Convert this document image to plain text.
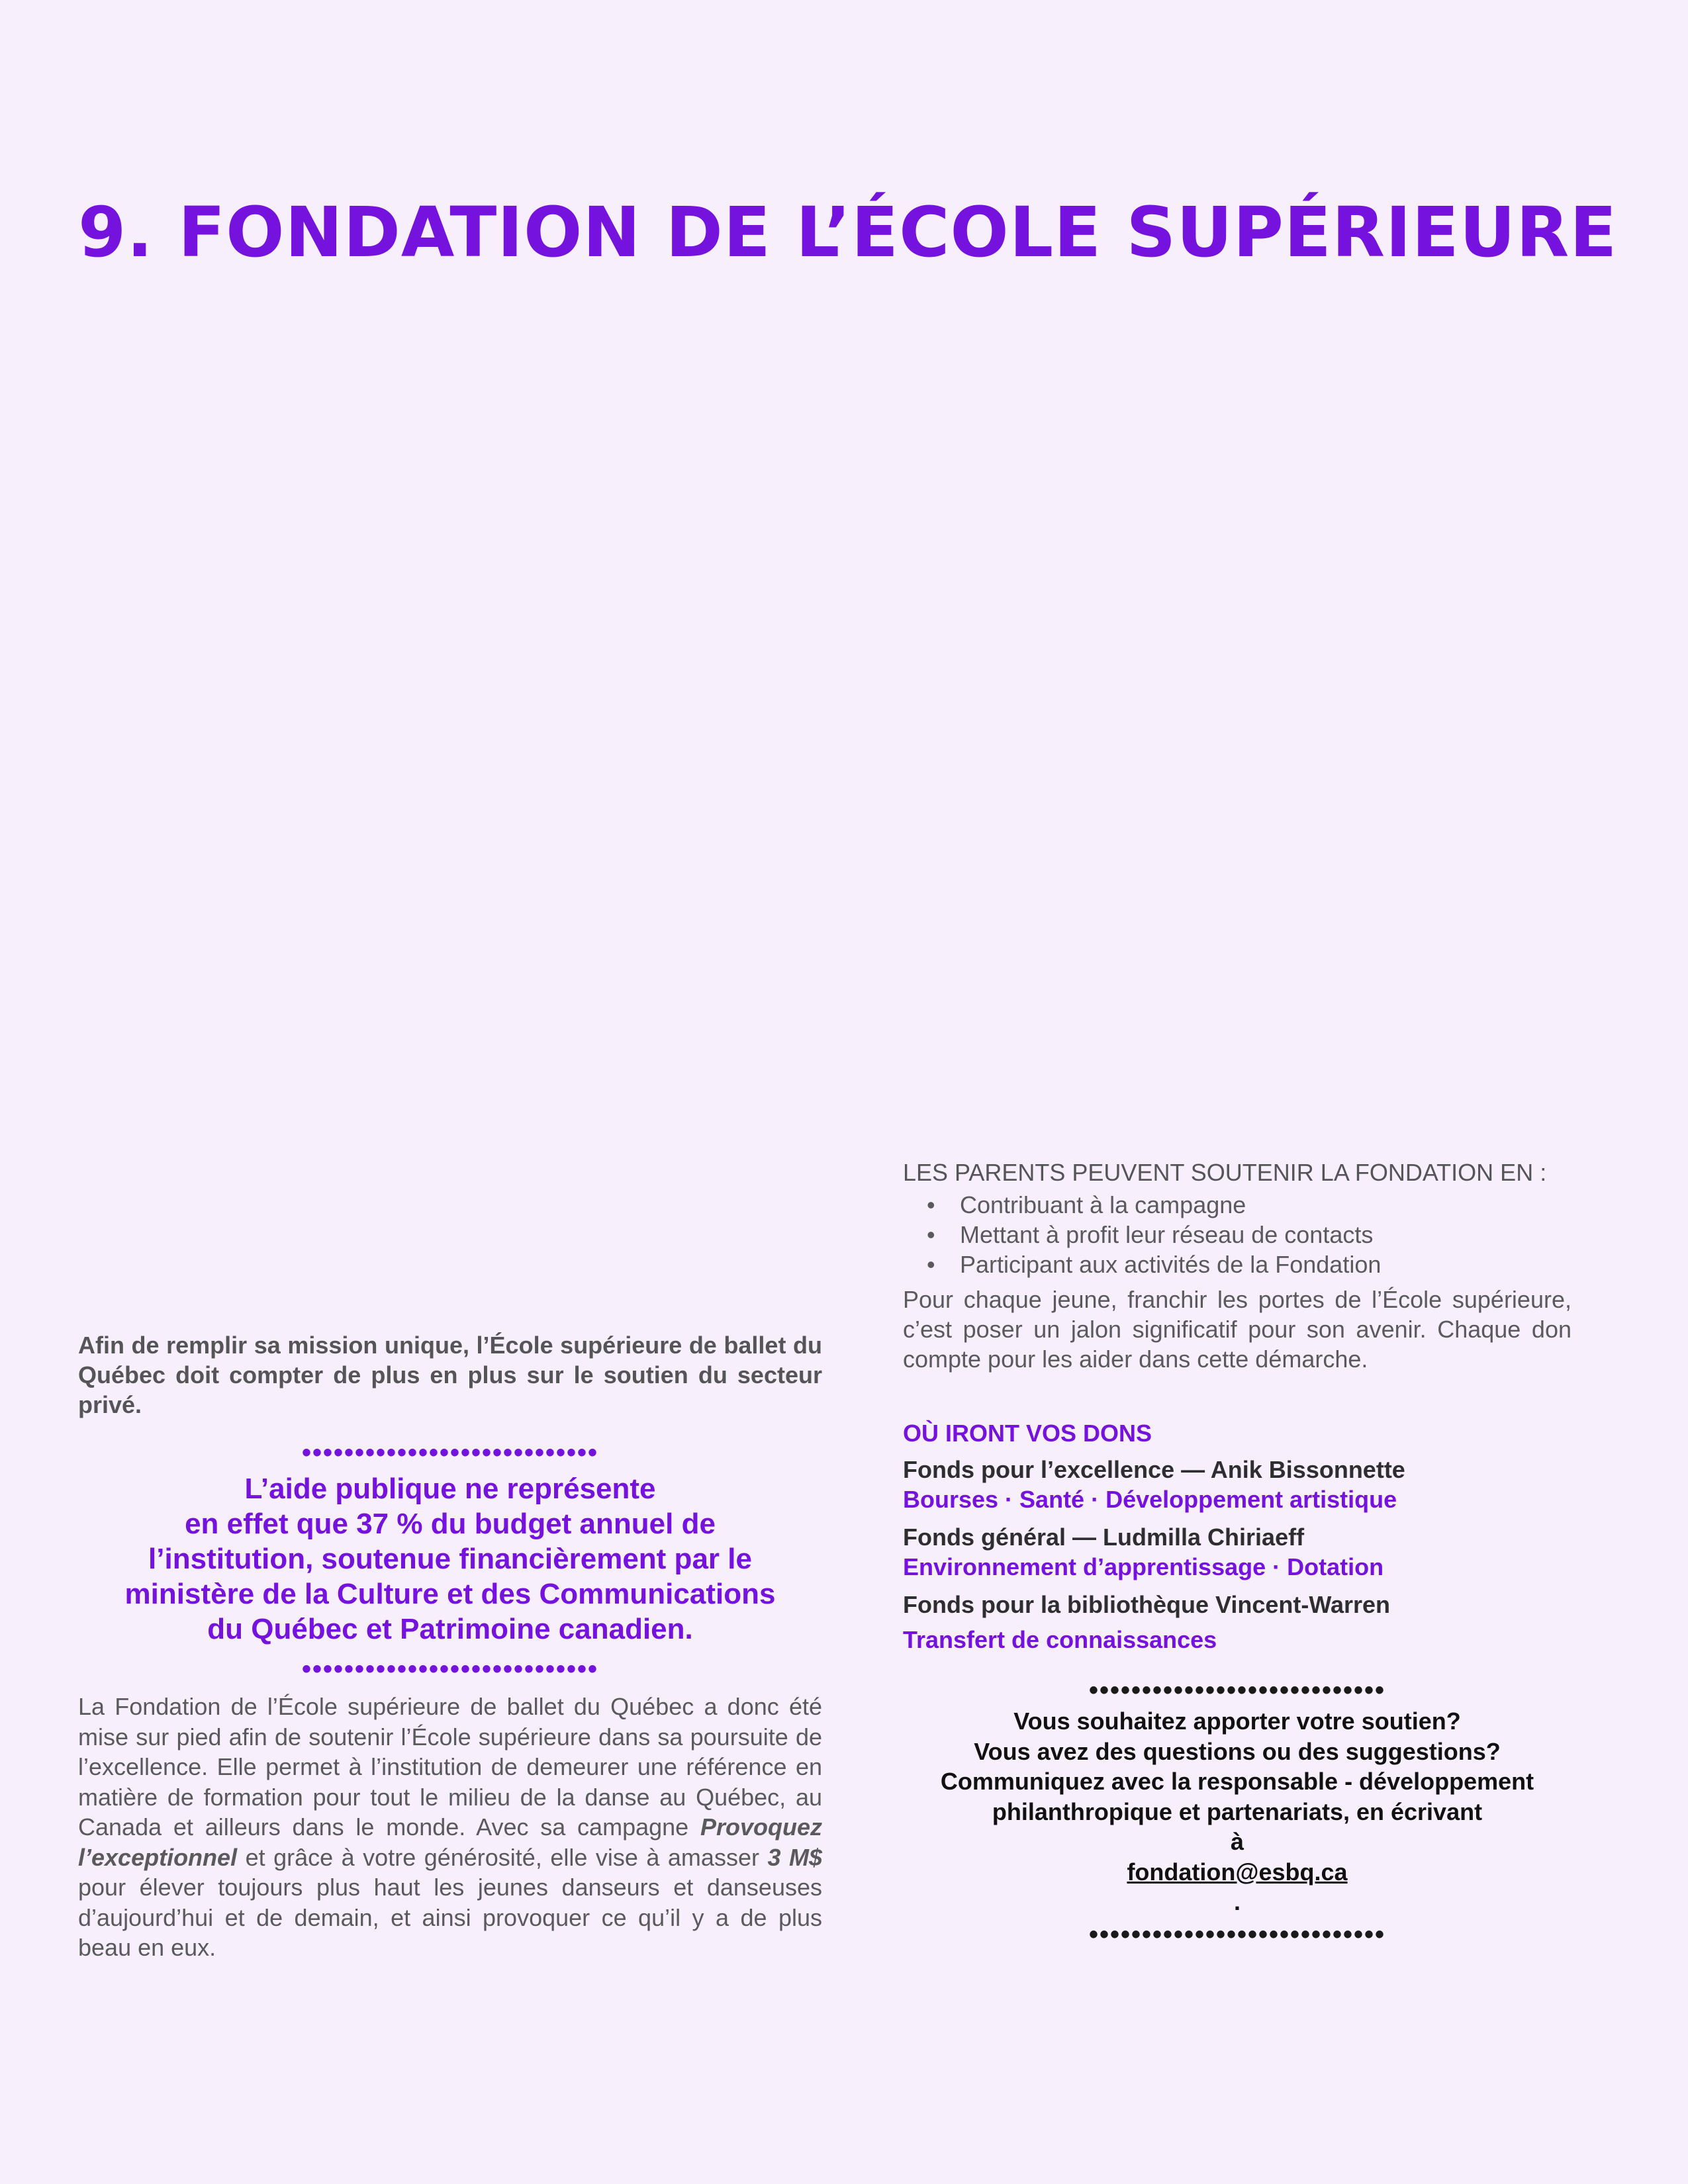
9. FONDATION DE L’ÉCOLE SUPÉRIEURE

Afin de remplir sa mission unique, l’École supérieure de ballet du Québec doit compter de plus en plus sur le soutien du secteur privé.

••••••••••••••••••••••••••••
L’aide publique ne représente
en effet que 37 % du budget annuel de
l’institution, soutenue financièrement par le
ministère de la Culture et des Communications
du Québec et Patrimoine canadien.
••••••••••••••••••••••••••••

La Fondation de l’École supérieure de ballet du Québec a donc été mise sur pied afin de soutenir l’École supérieure dans sa poursuite de l’excellence. Elle permet à l’institution de demeurer une référence en matière de formation pour tout le milieu de la danse au Québec, au Canada et ailleurs dans le monde. Avec sa campagne Provoquez l’exceptionnel et grâce à votre générosité, elle vise à amasser 3 M$ pour élever toujours plus haut les jeunes danseurs et danseuses d’aujourd’hui et de demain, et ainsi provoquer ce qu’il y a de plus beau en eux.

LES PARENTS PEUVENT SOUTENIR LA FONDATION EN :

• Contribuant à la campagne
• Mettant à profit leur réseau de contacts
• Participant aux activités de la Fondation

Pour chaque jeune, franchir les portes de l’École supérieure, c’est poser un jalon significatif pour son avenir. Chaque don compte pour les aider dans cette démarche.

OÙ IRONT VOS DONS

Fonds pour l’excellence — Anik Bissonnette

Bourses · Santé · Développement artistique

Fonds général — Ludmilla Chiriaeff

Environnement d’apprentissage · Dotation

Fonds pour la bibliothèque Vincent-Warren

Transfert de connaissances

••••••••••••••••••••••••••••
Vous souhaitez apporter votre soutien?
Vous avez des questions ou des suggestions?
Communiquez avec la responsable - développement
philanthropique et partenariats, en écrivant
à
fondation@esbq.ca
.
••••••••••••••••••••••••••••
